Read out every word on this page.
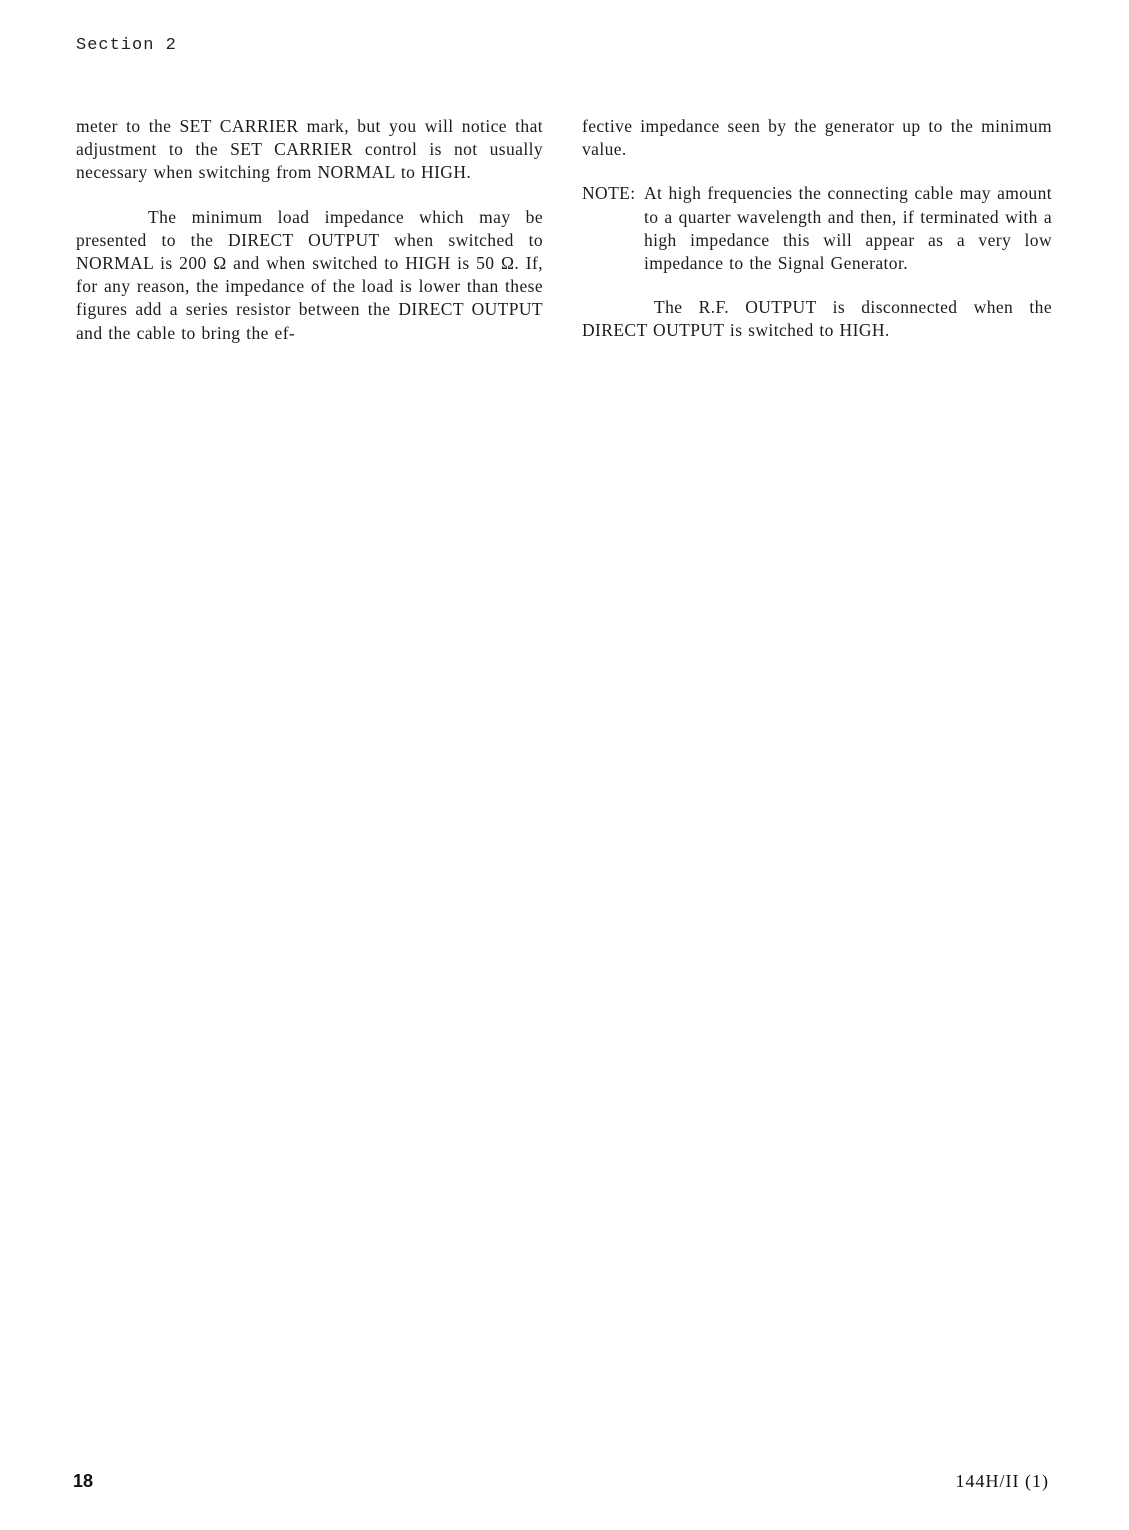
Section 2

meter to the SET CARRIER mark, but you will notice that adjustment to the SET CARRIER control is not usually necessary when switching from NORMAL to HIGH.

The minimum load impedance which may be presented to the DIRECT OUTPUT when switched to NORMAL is 200 Ω and when switched to HIGH is 50 Ω. If, for any reason, the impedance of the load is lower than these figures add a series resistor between the DIRECT OUTPUT and the cable to bring the ef-

fective impedance seen by the generator up to the minimum value.

NOTE: At high frequencies the connecting cable may amount to a quarter wavelength and then, if terminated with a high impedance this will appear as a very low impedance to the Signal Generator.

The R.F. OUTPUT is disconnected when the DIRECT OUTPUT is switched to HIGH.

18	144H/II (1)
